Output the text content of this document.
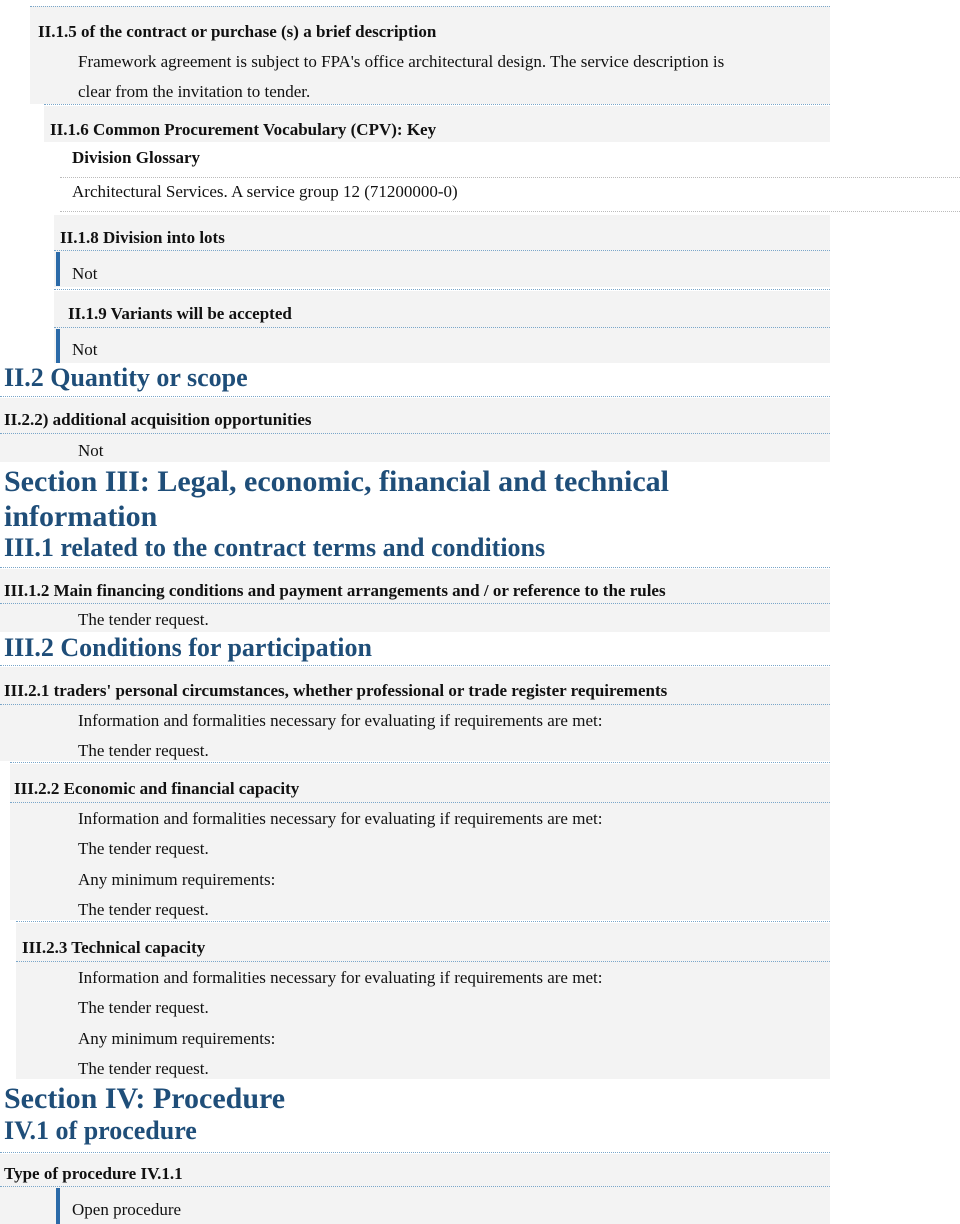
II.1.5 of the contract or purchase (s) a brief description
Framework agreement is subject to FPA's office architectural design. The service description is
clear from the invitation to tender.
II.1.6 Common Procurement Vocabulary (CPV): Key
Division Glossary
Architectural Services. A service group 12 (71200000-0)
II.1.8 Division into lots
Not
II.1.9 Variants will be accepted
Not
II.2 Quantity or scope
II.2.2) additional acquisition opportunities
Not
Section III: Legal, economic, financial and technical
information
III.1 related to the contract terms and conditions
III.1.2 Main financing conditions and payment arrangements and / or reference to the rules
The tender request.
III.2 Conditions for participation
III.2.1 traders' personal circumstances, whether professional or trade register requirements
Information and formalities necessary for evaluating if requirements are met:
The tender request.
III.2.2 Economic and financial capacity
Information and formalities necessary for evaluating if requirements are met:
The tender request.
Any minimum requirements:
The tender request.
III.2.3 Technical capacity
Information and formalities necessary for evaluating if requirements are met:
The tender request.
Any minimum requirements:
The tender request.
Section IV: Procedure
IV.1 of procedure
Type of procedure IV.1.1
Open procedure
